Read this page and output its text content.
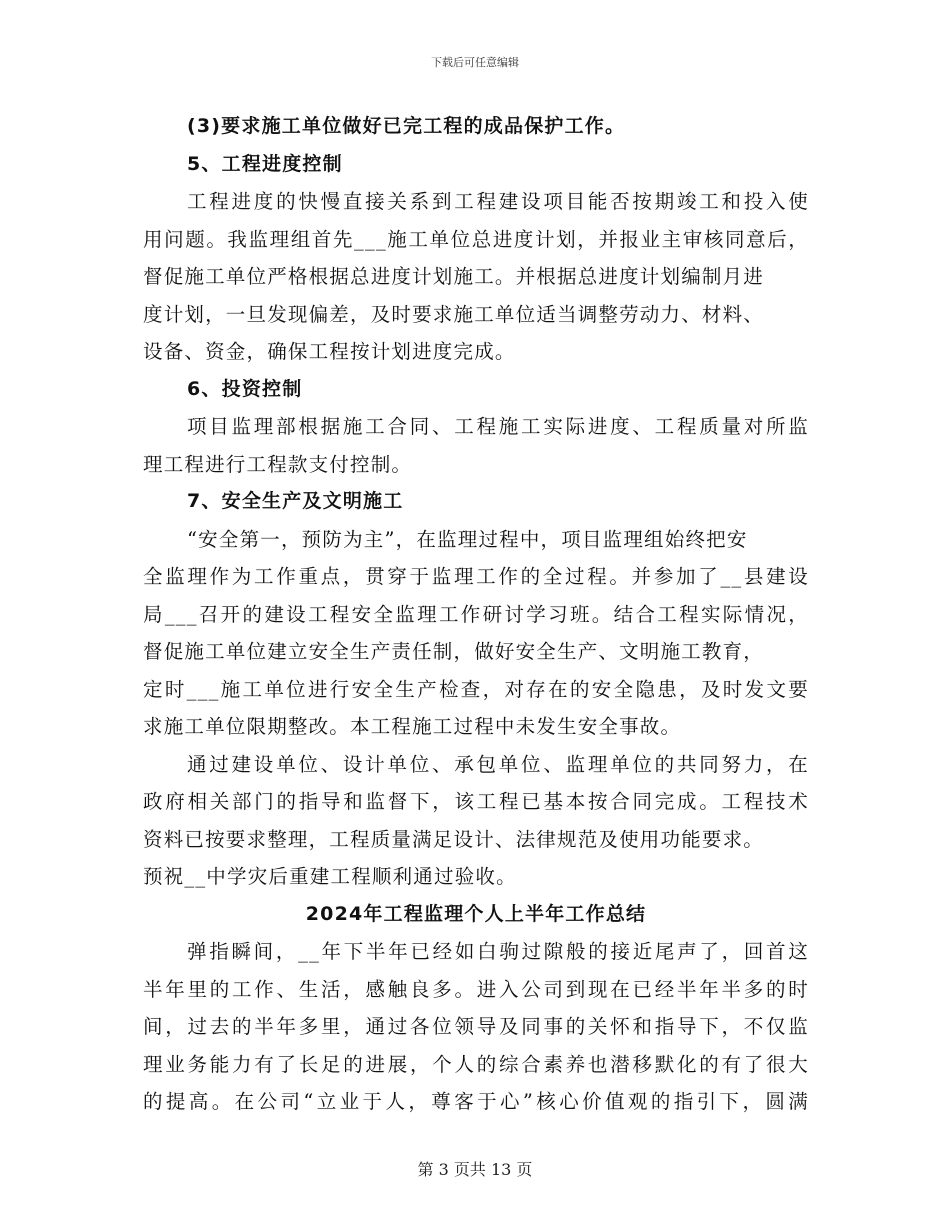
下载后可任意编辑
(3)要求施工单位做好已完工程的成品保护工作。
5、工程进度控制
工程进度的快慢直接关系到工程建设项目能否按期竣工和投入使
用问题。我监理组首先___施工单位总进度计划，并报业主审核同意后，
督促施工单位严格根据总进度计划施工。并根据总进度计划编制月进
度计划，一旦发现偏差，及时要求施工单位适当调整劳动力、材料、
设备、资金，确保工程按计划进度完成。
6、投资控制
项目监理部根据施工合同、工程施工实际进度、工程质量对所监
理工程进行工程款支付控制。
7、安全生产及文明施工
“安全第一，预防为主”，在监理过程中，项目监理组始终把安
全监理作为工作重点，贯穿于监理工作的全过程。并参加了__县建设
局___召开的建设工程安全监理工作研讨学习班。结合工程实际情况，
督促施工单位建立安全生产责任制，做好安全生产、文明施工教育，
定时___施工单位进行安全生产检查，对存在的安全隐患，及时发文要
求施工单位限期整改。本工程施工过程中未发生安全事故。
通过建设单位、设计单位、承包单位、监理单位的共同努力，在
政府相关部门的指导和监督下，该工程已基本按合同完成。工程技术
资料已按要求整理，工程质量满足设计、法律规范及使用功能要求。
预祝__中学灾后重建工程顺利通过验收。
2024年工程监理个人上半年工作总结
弹指瞬间，__年下半年已经如白驹过隙般的接近尾声了，回首这
半年里的工作、生活，感触良多。进入公司到现在已经半年半多的时
间，过去的半年多里，通过各位领导及同事的关怀和指导下，不仅监
理业务能力有了长足的进展，个人的综合素养也潜移默化的有了很大
的提高。在公司“立业于人，尊客于心”核心价值观的指引下，圆满
第 3 页共 13 页
